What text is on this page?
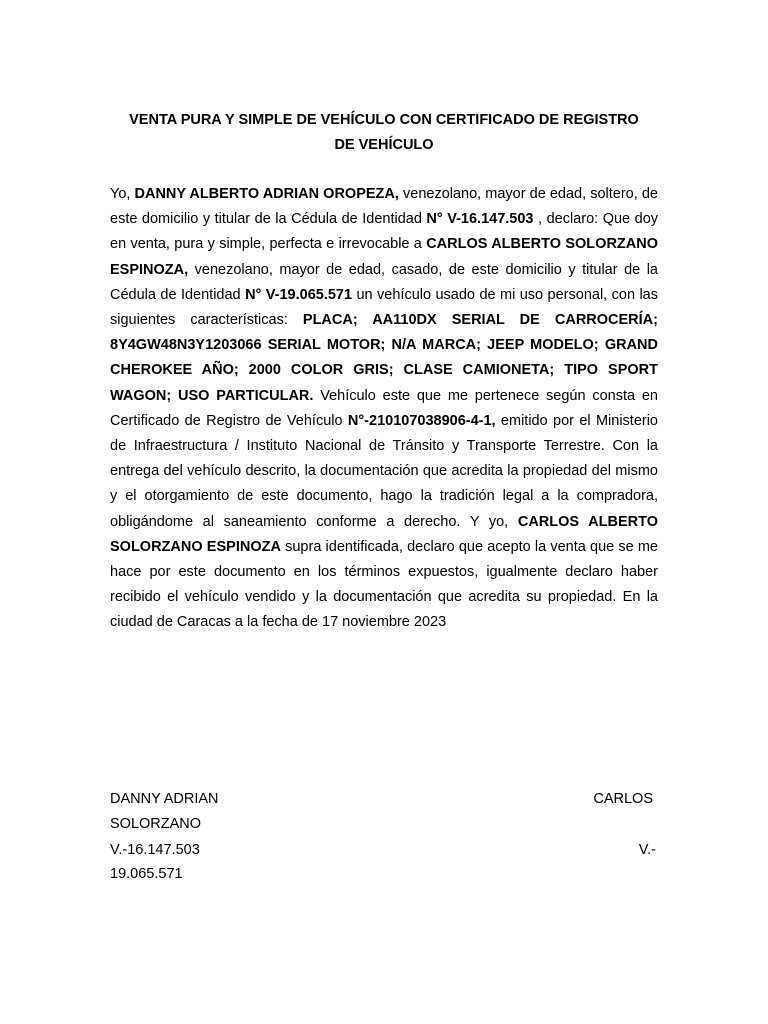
VENTA PURA Y SIMPLE DE VEHÍCULO CON CERTIFICADO DE REGISTRO
DE VEHÍCULO

Yo, DANNY ALBERTO ADRIAN OROPEZA, venezolano, mayor de edad, soltero, de este domicilio y titular de la Cédula de Identidad N° V-16.147.503 , declaro: Que doy en venta, pura y simple, perfecta e irrevocable a CARLOS ALBERTO SOLORZANO ESPINOZA, venezolano, mayor de edad, casado, de este domicilio y titular de la Cédula de Identidad N° V-19.065.571 un vehículo usado de mi uso personal, con las siguientes características: PLACA; AA110DX SERIAL DE CARROCERÍA; 8Y4GW48N3Y1203066 SERIAL MOTOR; N/A MARCA; JEEP MODELO; GRAND CHEROKEE AÑO; 2000 COLOR GRIS; CLASE CAMIONETA; TIPO SPORT WAGON; USO PARTICULAR. Vehículo este que me pertenece según consta en Certificado de Registro de Vehículo N°-210107038906-4-1, emitido por el Ministerio de Infraestructura / Instituto Nacional de Tránsito y Transporte Terrestre. Con la entrega del vehículo descrito, la documentación que acredita la propiedad del mismo y el otorgamiento de este documento, hago la tradición legal a la compradora, obligándome al saneamiento conforme a derecho. Y yo, CARLOS ALBERTO SOLORZANO ESPINOZA supra identificada, declaro que acepto la venta que se me hace por este documento en los términos expuestos, igualmente declaro haber recibido el vehículo vendido y la documentación que acredita su propiedad. En la ciudad de Caracas a la fecha de 17 noviembre 2023

DANNY ADRIAN	CARLOS
SOLORZANO
V.-16.147.503	V.-
19.065.571
